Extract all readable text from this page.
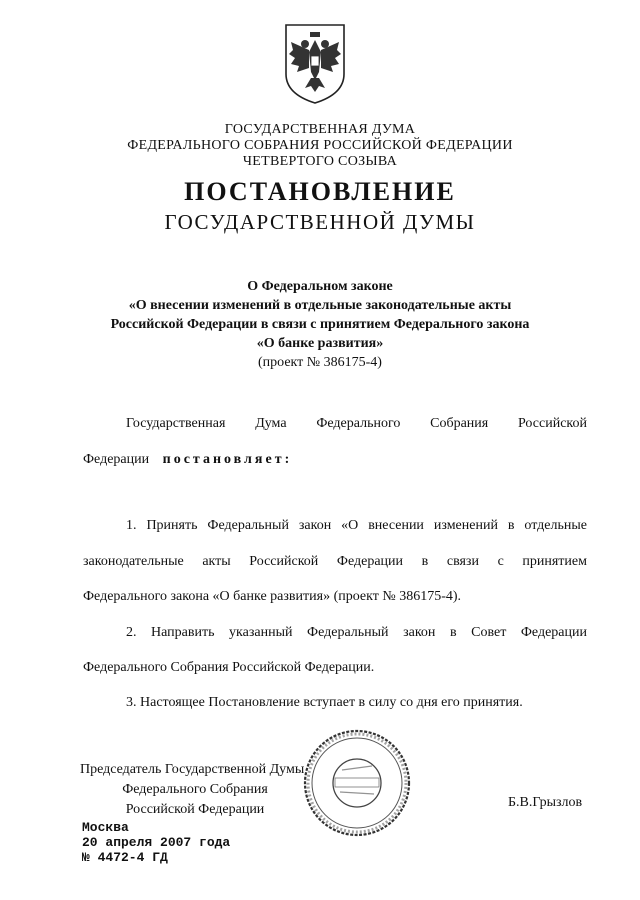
ГОСУДАРСТВЕННАЯ ДУМА
ФЕДЕРАЛЬНОГО СОБРАНИЯ РОССИЙСКОЙ ФЕДЕРАЦИИ
ЧЕТВЕРТОГО СОЗЫВА
ПОСТАНОВЛЕНИЕ
ГОСУДАРСТВЕННОЙ ДУМЫ
О Федеральном законе
«О внесении изменений в отдельные законодательные акты
Российской Федерации в связи с принятием Федерального закона
«О банке развития»
(проект № 386175-4)
Государственная Дума Федерального Собрания Российской
Федерации постановляет:
1. Принять Федеральный закон «О внесении изменений в отдельные
законодательные акты Российской Федерации в связи с принятием
Федерального закона «О банке развития» (проект № 386175-4).
2. Направить указанный Федеральный закон в Совет Федерации
Федерального Собрания Российской Федерации.
3. Настоящее Постановление вступает в силу со дня его принятия.
Председатель Государственной Думы
Федерального Собрания
Российской Федерации	Б.В.Грызлов
Москва
20 апреля 2007 года
№ 4472-4 ГД
